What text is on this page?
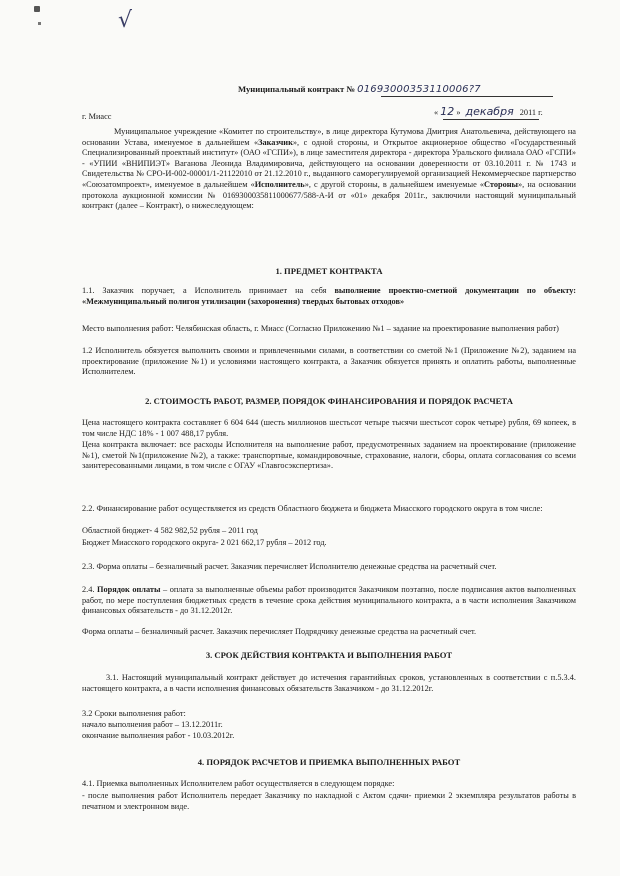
√
Муниципальный контракт № 01693000353110006?7
г. Миасс	« 12 » декабря 2011 г.

Муниципальное учреждение «Комитет по строительству», в лице директора Кутумова Дмитрия Анатольевича, действующего на основании Устава, именуемое в дальнейшем «Заказчик», с одной стороны, и Открытое акционерное общество «Государственный Специализированный проектный институт» (ОАО «ГСПИ»), в лице заместителя директора - директора Уральского филиала ОАО «ГСПИ» - «УПИИ «ВНИПИЭТ» Ваганова Леонида Владимировича, действующего на основании доверенности от 03.10.2011 г. № 1743 и Свидетельства № СРО-И-002-00001/1-21122010 от 21.12.2010 г., выданного саморегулируемой организацией Некоммерческое партнерство «Союзатомпроект», именуемое в дальнейшем «Исполнитель», с другой стороны, в дальнейшем именуемые «Стороны», на основании протокола аукционной комиссии № 0169300035811000677/588-А-И от «01» декабря 2011г., заключили настоящий муниципальный контракт (далее – Контракт), о нижеследующем:

1. ПРЕДМЕТ КОНТРАКТА

1.1. Заказчик поручает, а Исполнитель принимает на себя выполнение проектно-сметной документации по объекту: «Межмуниципальный полигон утилизации (захоронения) твердых бытовых отходов»

Место выполнения работ: Челябинская область, г. Миасс (Согласно Приложению №1 – задание на проектирование выполнения работ)

1.2 Исполнитель обязуется выполнить своими и привлеченными силами, в соответствии со сметой №1 (Приложение №2), заданием на проектирование (приложение №1) и условиями настоящего контракта, а Заказчик обязуется принять и оплатить работы, выполненные Исполнителем.

2. СТОИМОСТЬ РАБОТ, РАЗМЕР, ПОРЯДОК ФИНАНСИРОВАНИЯ И ПОРЯДОК РАСЧЕТА

Цена настоящего контракта составляет 6 604 644 (шесть миллионов шестьсот четыре тысячи шестьсот сорок четыре) рубля, 69 копеек, в том числе НДС 18% - 1 007 488,17 рубля.

Цена контракта включает: все расходы Исполнителя на выполнение работ, предусмотренных заданием на проектирование (приложение №1), сметой №1(приложение №2), а также: транспортные, командировочные, страхование, налоги, сборы, оплата согласования со всеми заинтересованными лицами, в том числе с ОГАУ «Главгосэкспертиза».

2.2. Финансирование работ осуществляется из средств Областного бюджета и бюджета Миасского городского округа в том числе:

Областной бюджет- 4 582 982,52 рубля – 2011 год

Бюджет Миасского городского округа- 2 021 662,17 рубля – 2012 год.

2.3. Форма оплаты – безналичный расчет. Заказчик перечисляет Исполнителю денежные средства на расчетный счет.

2.4. Порядок оплаты – оплата за выполненные объемы работ производится Заказчиком поэтапно, после подписания актов выполненных работ, по мере поступления бюджетных средств в течение срока действия муниципального контракта, а в части исполнения Заказчиком финансовых обязательств - до 31.12.2012г.

Форма оплаты – безналичный расчет. Заказчик перечисляет Подрядчику денежные средства на расчетный счет.

3. СРОК ДЕЙСТВИЯ КОНТРАКТА И ВЫПОЛНЕНИЯ РАБОТ

3.1. Настоящий муниципальный контракт действует до истечения гарантийных сроков, установленных в соответствии с п.5.3.4. настоящего контракта, а в части исполнения финансовых обязательств Заказчиком - до 31.12.2012г.

3.2 Сроки выполнения работ:

начало выполнения работ – 13.12.2011г.

окончание выполнения работ - 10.03.2012г.

4. ПОРЯДОК РАСЧЕТОВ И ПРИЕМКА ВЫПОЛНЕННЫХ РАБОТ

4.1. Приемка выполненных Исполнителем работ осуществляется в следующем порядке:

- после выполнения работ Исполнитель передает Заказчику по накладной с Актом сдачи- приемки 2 экземпляра результатов работы в печатном и электронном виде.
